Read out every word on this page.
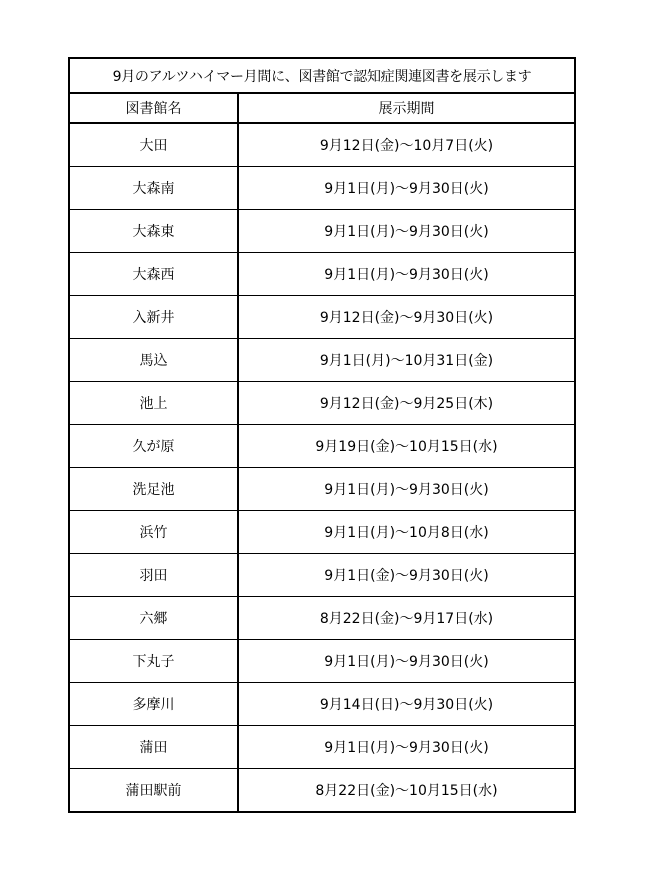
9月のアルツハイマー月間に、図書館で認知症関連図書を展示します	
図書館名	展示期間
大田	9月12日(金)～10月7日(火)
大森南	9月1日(月)～9月30日(火)
大森東	9月1日(月)～9月30日(火)
大森西	9月1日(月)～9月30日(火)
入新井	9月12日(金)～9月30日(火)
馬込	9月1日(月)～10月31日(金)
池上	9月12日(金)～9月25日(木)
久が原	9月19日(金)～10月15日(水)
洗足池	9月1日(月)～9月30日(火)
浜竹	9月1日(月)～10月8日(水)
羽田	9月1日(金)～9月30日(火)
六郷	8月22日(金)～9月17日(水)
下丸子	9月1日(月)～9月30日(火)
多摩川	9月14日(日)～9月30日(火)
蒲田	9月1日(月)～9月30日(火)
蒲田駅前	8月22日(金)～10月15日(水)
